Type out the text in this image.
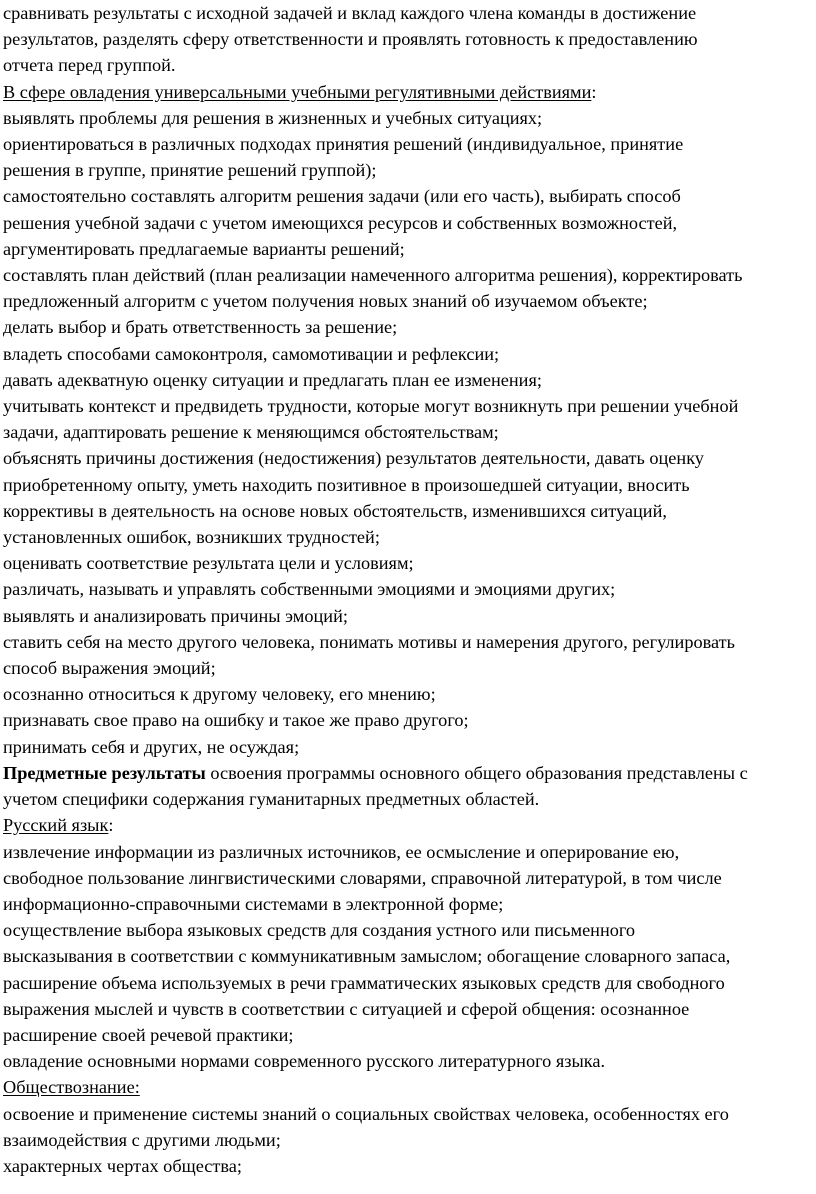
сравнивать результаты с исходной задачей и вклад каждого члена команды в достижение

результатов, разделять сферу ответственности и проявлять готовность к предоставлению

отчета перед группой.

В сфере овладения универсальными учебными регулятивными действиями:

выявлять проблемы для решения в жизненных и учебных ситуациях;

ориентироваться в различных подходах принятия решений (индивидуальное, принятие

решения в группе, принятие решений группой);

самостоятельно составлять алгоритм решения задачи (или его часть), выбирать способ

решения учебной задачи с учетом имеющихся ресурсов и собственных возможностей,

аргументировать предлагаемые варианты решений;

составлять план действий (план реализации намеченного алгоритма решения), корректировать

предложенный алгоритм с учетом получения новых знаний об изучаемом объекте;

делать выбор и брать ответственность за решение;

владеть способами самоконтроля, самомотивации и рефлексии;

давать адекватную оценку ситуации и предлагать план ее изменения;

учитывать контекст и предвидеть трудности, которые могут возникнуть при решении учебной

задачи, адаптировать решение к меняющимся обстоятельствам;

объяснять причины достижения (недостижения) результатов деятельности, давать оценку

приобретенному опыту, уметь находить позитивное в произошедшей ситуации, вносить

коррективы в деятельность на основе новых обстоятельств, изменившихся ситуаций,

установленных ошибок, возникших трудностей;

оценивать соответствие результата цели и условиям;

различать, называть и управлять собственными эмоциями и эмоциями других;

выявлять и анализировать причины эмоций;

ставить себя на место другого человека, понимать мотивы и намерения другого, регулировать

способ выражения эмоций;

осознанно относиться к другому человеку, его мнению;

признавать свое право на ошибку и такое же право другого;

принимать себя и других, не осуждая;

Предметные результаты освоения программы основного общего образования представлены с

учетом специфики содержания гуманитарных предметных областей.

Русский язык:

извлечение информации из различных источников, ее осмысление и оперирование ею,

свободное пользование лингвистическими словарями, справочной литературой, в том числе

информационно-справочными системами в электронной форме;

осуществление выбора языковых средств для создания устного или письменного

высказывания в соответствии с коммуникативным замыслом; обогащение словарного запаса,

расширение объема используемых в речи грамматических языковых средств для свободного

выражения мыслей и чувств в соответствии с ситуацией и сферой общения: осознанное

расширение своей речевой практики;

овладение основными нормами современного русского литературного языка.

Обществознание:

освоение и применение системы знаний о социальных свойствах человека, особенностях его

взаимодействия с другими людьми;

характерных чертах общества;
